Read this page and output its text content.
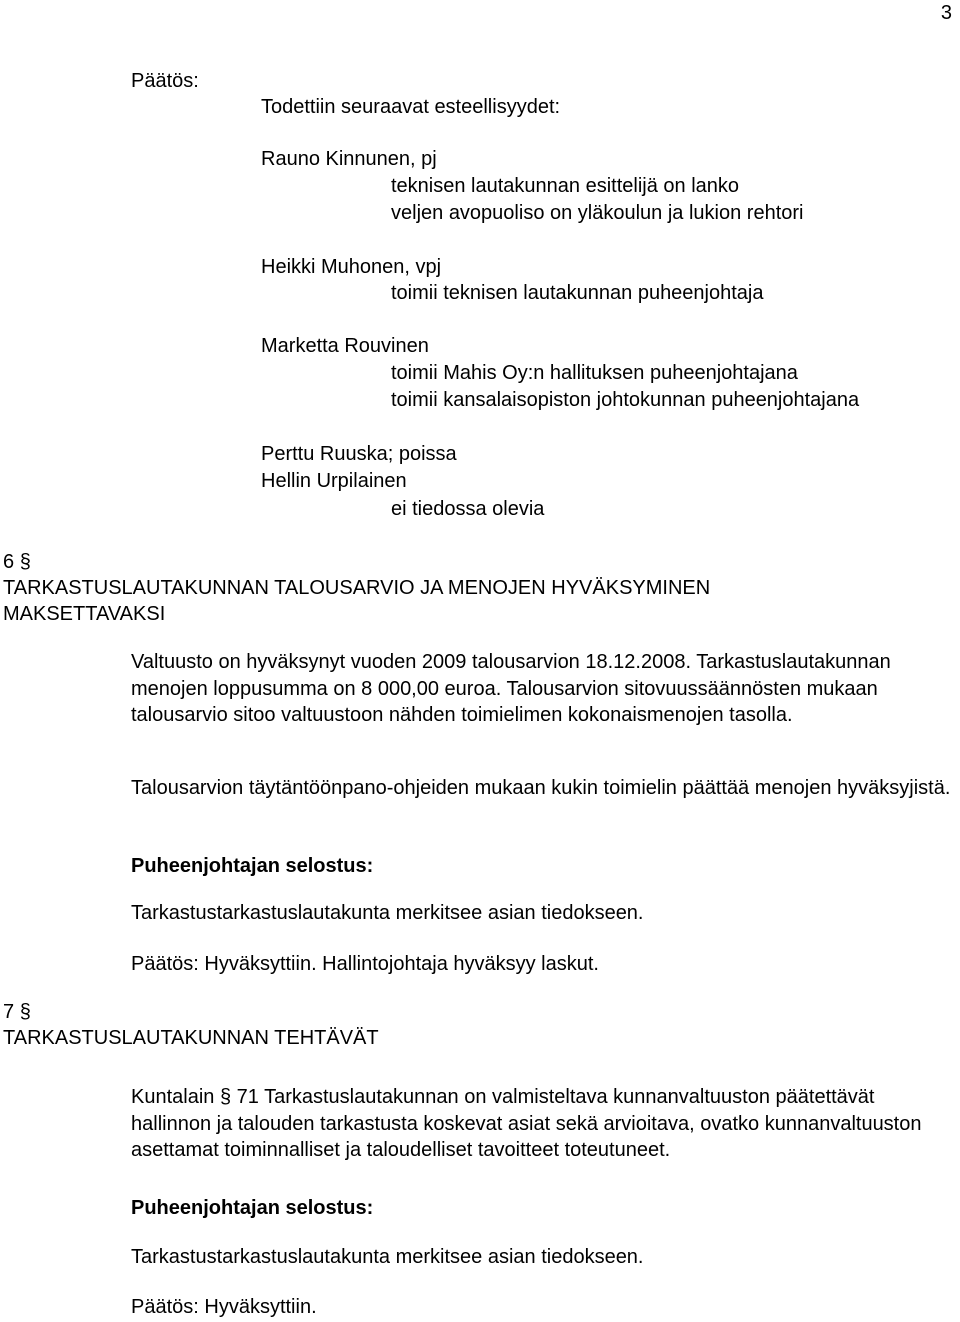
3
Päätös:
Todettiin seuraavat esteellisyydet:
Rauno Kinnunen, pj
teknisen lautakunnan esittelijä on lanko
veljen avopuoliso on yläkoulun ja lukion rehtori
Heikki Muhonen, vpj
toimii teknisen lautakunnan puheenjohtaja
Marketta Rouvinen
toimii Mahis Oy:n hallituksen puheenjohtajana
toimii kansalaisopiston johtokunnan puheenjohtajana
Perttu Ruuska; poissa
Hellin Urpilainen
ei tiedossa olevia
6 §
TARKASTUSLAUTAKUNNAN TALOUSARVIO JA MENOJEN HYVÄKSYMINEN
MAKSETTAVAKSI
Valtuusto on hyväksynyt vuoden 2009 talousarvion 18.12.2008. Tarkastuslautakunnan menojen loppusumma on 8 000,00 euroa. Talousarvion sitovuussäännösten mukaan talousarvio sitoo valtuustoon nähden toimielimen kokonaismenojen tasolla.
Talousarvion täytäntöönpano-ohjeiden mukaan kukin toimielin päättää menojen hyväksyjistä.
Puheenjohtajan selostus:
Tarkastustarkastuslautakunta merkitsee asian tiedokseen.
Päätös: Hyväksyttiin. Hallintojohtaja hyväksyy laskut.
7 §
TARKASTUSLAUTAKUNNAN TEHTÄVÄT
Kuntalain § 71 Tarkastuslautakunnan on valmisteltava kunnanvaltuuston päätettävät hallinnon ja talouden tarkastusta koskevat asiat sekä arvioitava, ovatko kunnanvaltuuston asettamat toiminnalliset ja taloudelliset tavoitteet toteutuneet.
Puheenjohtajan selostus:
Tarkastustarkastuslautakunta merkitsee asian tiedokseen.
Päätös: Hyväksyttiin.
